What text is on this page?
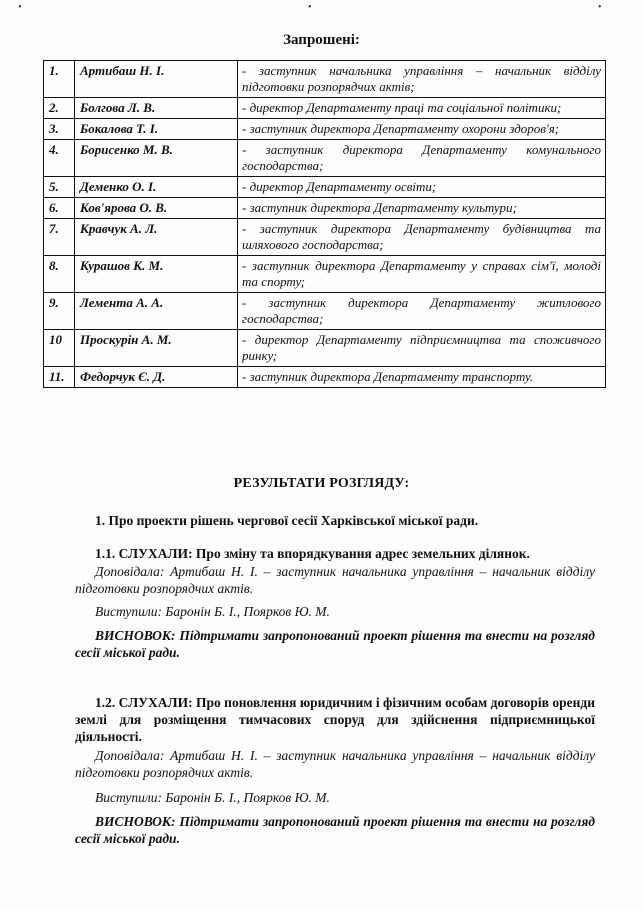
•	•	•
Запрошені:
1.	Артибаш Н. І.	- заступник начальника управління – начальник відділу підготовки розпорядчих актів;
2.	Болгова Л. В.	- директор Департаменту праці та соціальної політики;
3.	Бокалова Т. І.	- заступник директора Департаменту охорони здоров'я;
4.	Борисенко М. В.	- заступник директора Департаменту комунального господарства;
5.	Деменко О. І.	- директор Департаменту освіти;
6.	Ков'ярова О. В.	- заступник директора Департаменту культури;
7.	Кравчук А. Л.	- заступник директора Департаменту будівництва та шляхового господарства;
8.	Курашов К. М.	- заступник директора Департаменту у справах сім'ї, молоді та спорту;
9.	Лемента А. А.	- заступник директора Департаменту житлового господарства;
10	Проскурін А. М.	- директор Департаменту підприємництва та споживчого ринку;
11.	Федорчук Є. Д.	- заступник директора Департаменту транспорту.
РЕЗУЛЬТАТИ РОЗГЛЯДУ:
1. Про проекти рішень чергової сесії Харківської міської ради.
1.1. СЛУХАЛИ: Про зміну та впорядкування адрес земельних ділянок.
Доповідала: Артибаш Н. І. – заступник начальника управління – начальник відділу підготовки розпорядчих актів.
Виступили: Баронін Б. І., Поярков Ю. М.
ВИСНОВОК: Підтримати запропонований проект рішення та внести на розгляд сесії міської ради.
1.2. СЛУХАЛИ: Про поновлення юридичним і фізичним особам договорів оренди землі для розміщення тимчасових споруд для здійснення підприємницької діяльності.
Доповідала: Артибаш Н. І. – заступник начальника управління – начальник відділу підготовки розпорядчих актів.
Виступили: Баронін Б. І., Поярков Ю. М.
ВИСНОВОК: Підтримати запропонований проект рішення та внести на розгляд сесії міської ради.
